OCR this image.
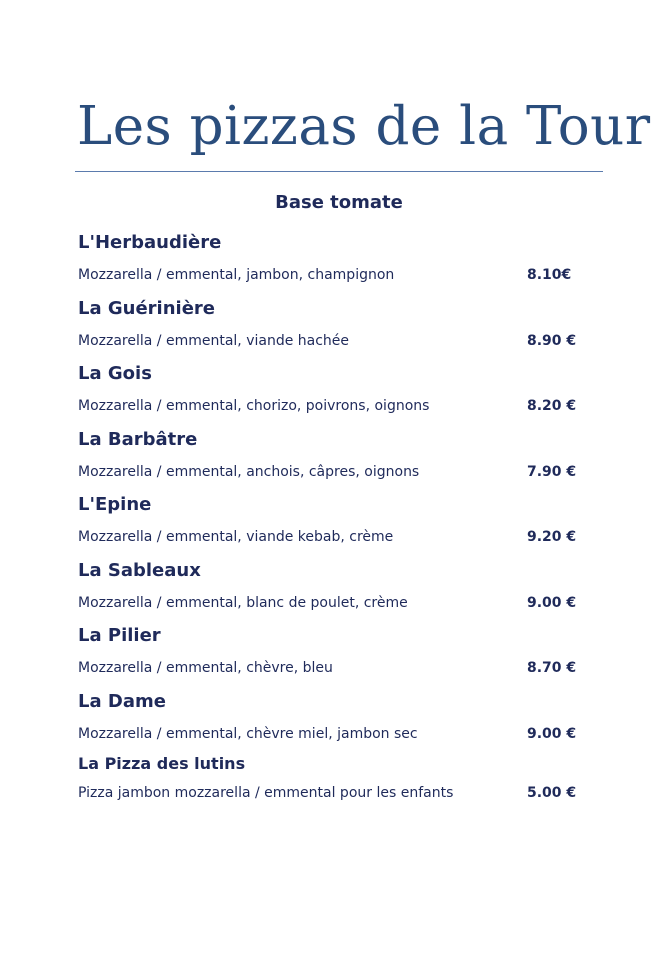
Les pizzas de la Tour
Base tomate
L'Herbaudière
Mozzarella / emmental, jambon, champignon	8.10€
La Guérinière
Mozzarella / emmental, viande hachée	8.90 €
La Gois
Mozzarella / emmental, chorizo, poivrons, oignons	8.20 €
La Barbâtre
Mozzarella / emmental, anchois, câpres, oignons	7.90 €
L'Epine
Mozzarella / emmental, viande kebab, crème	9.20 €
La Sableaux
Mozzarella / emmental, blanc de poulet, crème	9.00 €
La Pilier
Mozzarella / emmental, chèvre, bleu	8.70 €
La Dame
Mozzarella / emmental, chèvre miel, jambon sec	9.00 €
La Pizza des lutins
Pizza jambon mozzarella / emmental pour les enfants	5.00 €
